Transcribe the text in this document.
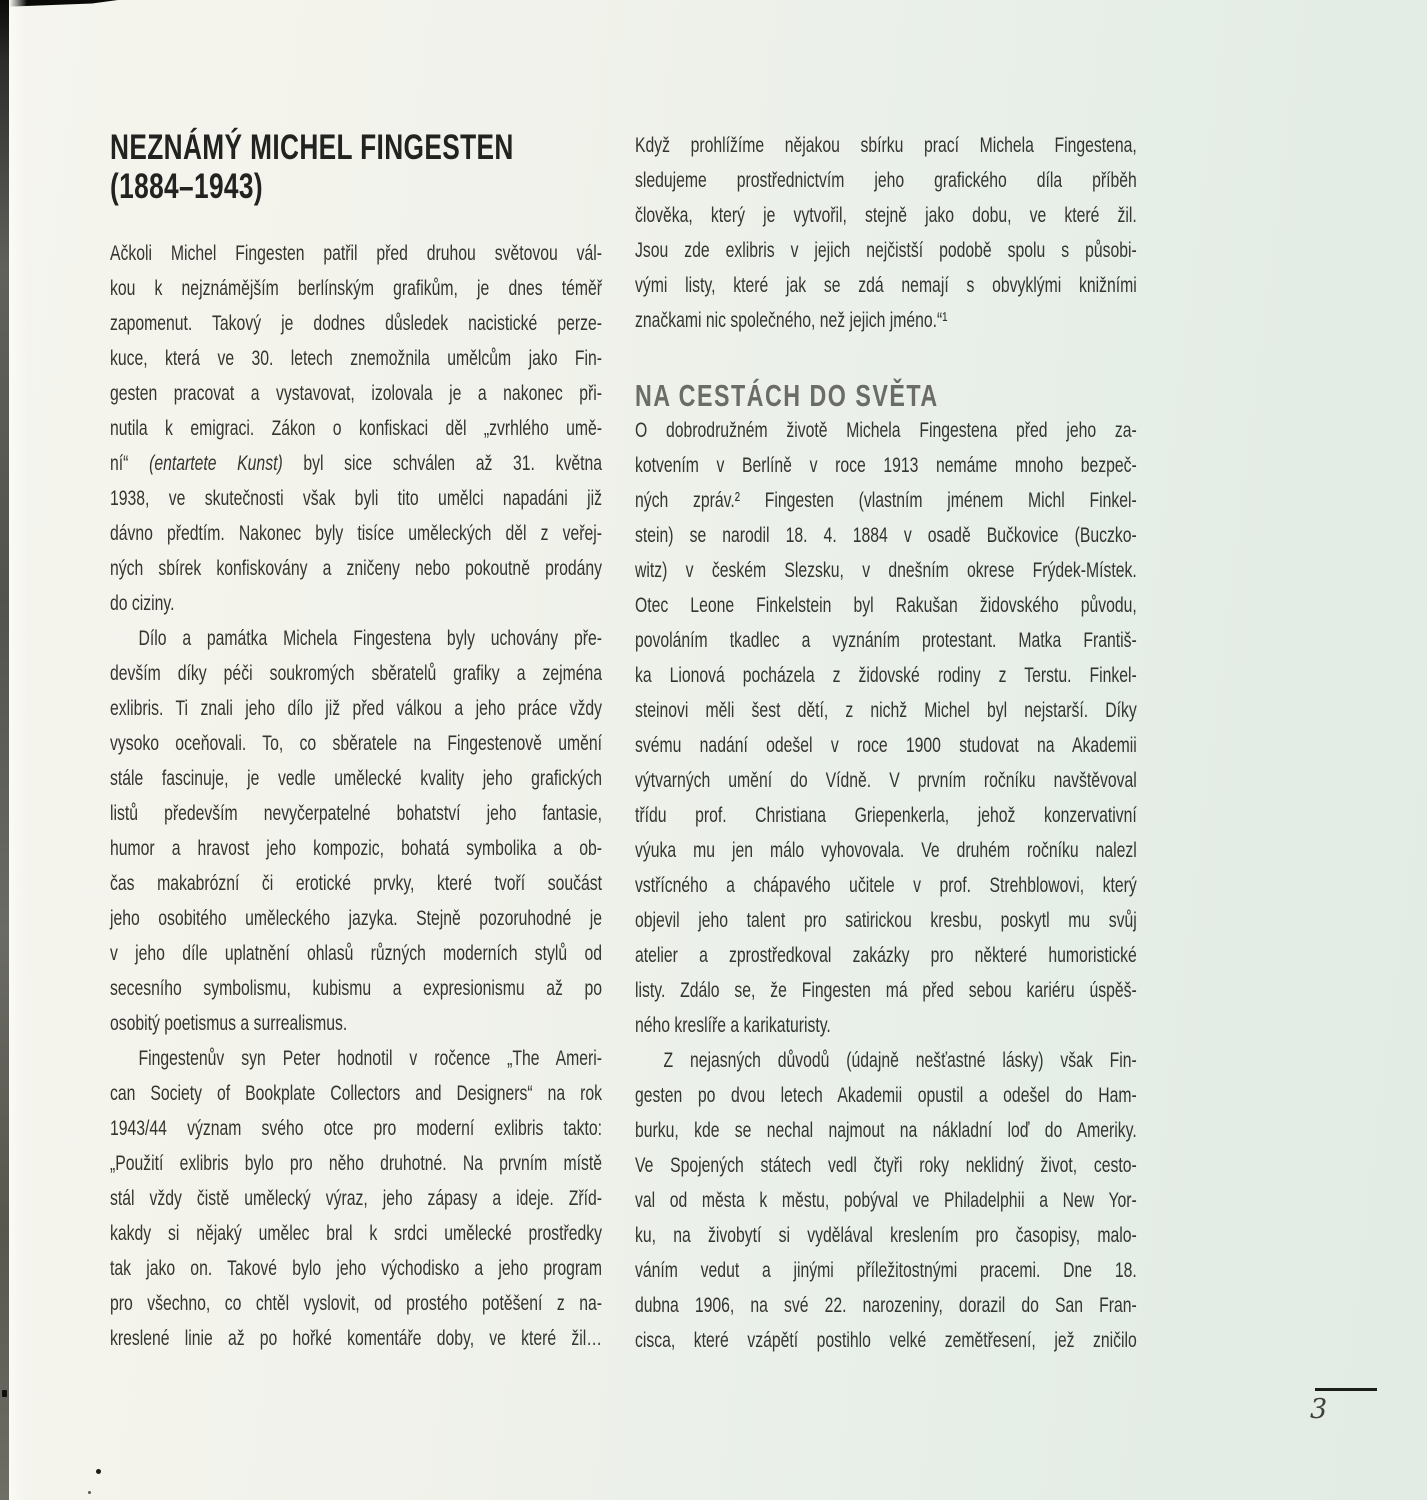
NEZNÁMÝ MICHEL FINGESTEN
(1884–1943)
Ačkoli Michel Fingesten patřil před druhou světovou vál-
kou k nejznámějším berlínským grafikům, je dnes téměř
zapomenut. Takový je dodnes důsledek nacistické perze-
kuce, která ve 30. letech znemožnila umělcům jako Fin-
gesten pracovat a vystavovat, izolovala je a nakonec při-
nutila k emigraci. Zákon o konfiskaci děl „zvrhlého umě-
ní“ (entartete Kunst) byl sice schválen až 31. května
1938, ve skutečnosti však byli tito umělci napadáni již
dávno předtím. Nakonec byly tisíce uměleckých děl z veřej-
ných sbírek konfiskovány a zničeny nebo pokoutně prodány
do ciziny.
Dílo a památka Michela Fingestena byly uchovány pře-
devším díky péči soukromých sběratelů grafiky a zejména
exlibris. Ti znali jeho dílo již před válkou a jeho práce vždy
vysoko oceňovali. To, co sběratele na Fingestenově umění
stále fascinuje, je vedle umělecké kvality jeho grafických
listů především nevyčerpatelné bohatství jeho fantasie,
humor a hravost jeho kompozic, bohatá symbolika a ob-
čas makabrózní či erotické prvky, které tvoří součást
jeho osobitého uměleckého jazyka. Stejně pozoruhodné je
v jeho díle uplatnění ohlasů různých moderních stylů od
secesního symbolismu, kubismu a expresionismu až po
osobitý poetismus a surrealismus.
Fingestenův syn Peter hodnotil v ročence „The Ameri-
can Society of Bookplate Collectors and Designers“ na rok
1943/44 význam svého otce pro moderní exlibris takto:
„Použití exlibris bylo pro něho druhotné. Na prvním místě
stál vždy čistě umělecký výraz, jeho zápasy a ideje. Zříd-
kakdy si nějaký umělec bral k srdci umělecké prostředky
tak jako on. Takové bylo jeho východisko a jeho program
pro všechno, co chtěl vyslovit, od prostého potěšení z na-
kreslené linie až po hořké komentáře doby, ve které žil…
Když prohlížíme nějakou sbírku prací Michela Fingestena,
sledujeme prostřednictvím jeho grafického díla příběh
člověka, který je vytvořil, stejně jako dobu, ve které žil.
Jsou zde exlibris v jejich nejčistší podobě spolu s působi-
vými listy, které jak se zdá nemají s obvyklými knižními
značkami nic společného, než jejich jméno.“¹
NA CESTÁCH DO SVĚTA
O dobrodružném životě Michela Fingestena před jeho za-
kotvením v Berlíně v roce 1913 nemáme mnoho bezpeč-
ných zpráv.² Fingesten (vlastním jménem Michl Finkel-
stein) se narodil 18. 4. 1884 v osadě Bučkovice (Buczko-
witz) v českém Slezsku, v dnešním okrese Frýdek-Místek.
Otec Leone Finkelstein byl Rakušan židovského původu,
povoláním tkadlec a vyznáním protestant. Matka Františ-
ka Lionová pocházela z židovské rodiny z Terstu. Finkel-
steinovi měli šest dětí, z nichž Michel byl nejstarší. Díky
svému nadání odešel v roce 1900 studovat na Akademii
výtvarných umění do Vídně. V prvním ročníku navštěvoval
třídu prof. Christiana Griepenkerla, jehož konzervativní
výuka mu jen málo vyhovovala. Ve druhém ročníku nalezl
vstřícného a chápavého učitele v prof. Strehblowovi, který
objevil jeho talent pro satirickou kresbu, poskytl mu svůj
atelier a zprostředkoval zakázky pro některé humoristické
listy. Zdálo se, že Fingesten má před sebou kariéru úspěš-
ného kreslíře a karikaturisty.
Z nejasných důvodů (údajně nešťastné lásky) však Fin-
gesten po dvou letech Akademii opustil a odešel do Ham-
burku, kde se nechal najmout na nákladní loď do Ameriky.
Ve Spojených státech vedl čtyři roky neklidný život, cesto-
val od města k městu, pobýval ve Philadelphii a New Yor-
ku, na živobytí si vydělával kreslením pro časopisy, malo-
váním vedut a jinými příležitostnými pracemi. Dne 18.
dubna 1906, na své 22. narozeniny, dorazil do San Fran-
cisca, které vzápětí postihlo velké zemětřesení, jež zničilo
3
